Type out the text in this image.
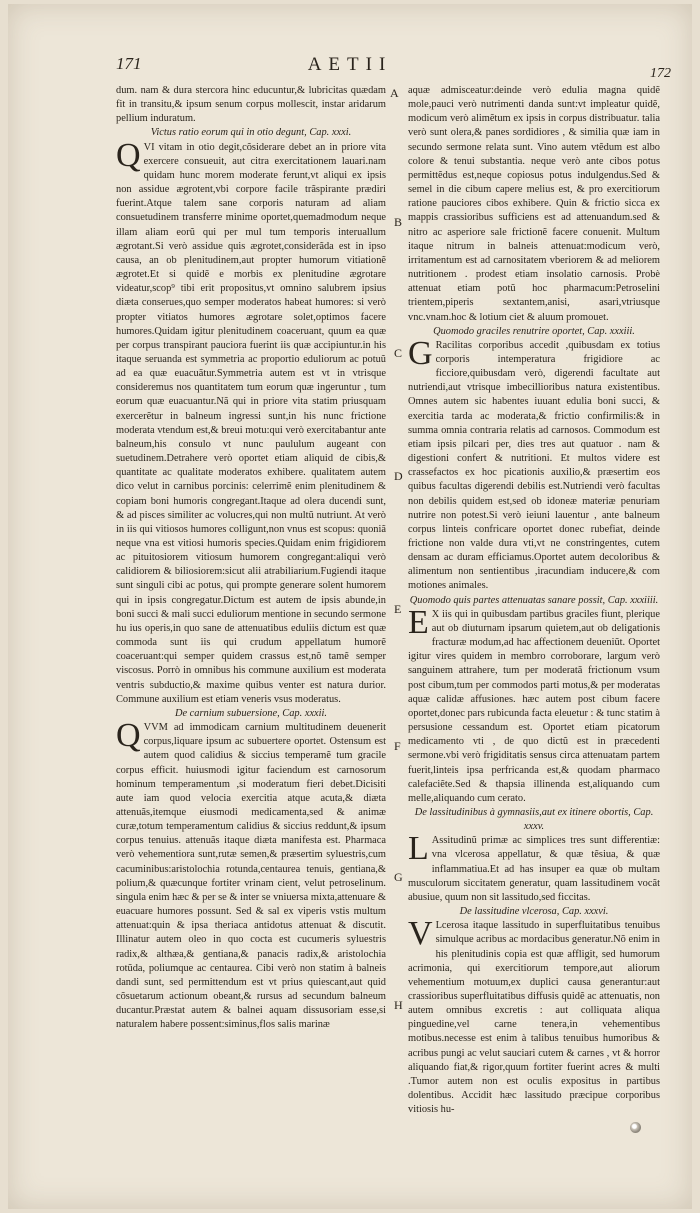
171	AETII	172

dum. nam & dura stercora hinc educuntur,& lubricitas quædam fit in transitu,& ipsum senum corpus mollescit, instar aridarum pellium induratum.

Victus ratio eorum qui in otio degunt, Cap. xxxi.

QVI vitam in otio degit,cõsiderare debet an in priore vita exercere consueuit, aut citra exercitationem lauari.nam quidam hunc morem moderate ferunt,vt aliqui ex ipsis non assidue ægrotent,vbi corpore facile trãspirante prædiri fuerint.Atque talem sane corporis naturam ad aliam consuetudinem transferre minime oportet,quemadmodum neque illam aliam eorũ qui per mul tum temporis interuallum ægrotant.Si verò assidue quis ægrotet,considerãda est in ipso causa, an ob plenitudinem,aut propter humorum vitiationẽ ægrotet.Et si quidẽ e morbis ex plenitudine ægrotare videatur,scop⁹ tibi erit propositus,vt omnino salubrem ipsius diæta conserues,quo semper moderatos habeat humores: si verò propter vitiatos humores ægrotare solet,optimos facere humores.Quidam igitur plenitudinem coaceruant, quum ea quæ per corpus transpirant pauciora fuerint iis quæ accipiuntur.in his itaque seruanda est symmetria ac proportio eduliorum ac potuũ ad ea quæ euacuãtur.Symmetria autem est vt in vtrisque consideremus nos quantitatem tum eorum quæ ingeruntur , tum eorum quæ euacuantur.Nã qui in priore vita statim priusquam exercerẽtur in balneum ingressi sunt,in his nunc frictione moderata vtendum est,& breui motu:qui verò exercitabantur ante balneum,his consulo vt nunc paululum augeant con suetudinem.Detrahere verò oportet etiam aliquid de cibis,& quantitate ac qualitate moderatos exhibere. qualitatem autem dico velut in carnibus porcinis: celerrimẽ enim plenitudinem & copiam boni humoris congregant.Itaque ad olera ducendi sunt, & ad pisces similiter ac volucres,qui non multũ nutriunt. At verò in iis qui vitiosos humores colligunt,non vnus est scopus: quoniã neque vna est vitiosi humoris species.Quidam enim frigidiorem ac pituitosiorem vitiosum humorem congregant:aliqui verò calidiorem & biliosiorem:sicut alii atrabiliarium.Fugiendi itaque sunt singuli cibi ac potus, qui prompte generare solent humorem qui in ipsis congregatur.Dictum est autem de ipsis abunde,in boni succi & mali succi eduliorum mentione in secundo sermone hu ius operis,in quo sane de attenuatibus eduliis dictum est quæ commoda sunt iis qui crudum appellatum humorẽ coaceruant:qui semper quidem crassus est,nõ tamẽ semper viscosus. Porrò in omnibus his commune auxilium est moderata ventris subductio,& maxime quibus venter est natura durior. Commune auxilium est etiam veneris vsus moderatus.

De carnium subuersione, Cap. xxxii.

QVVM ad immodicam carnium multitudinem deuenerit corpus,liquare ipsum ac subuertere oportet. Ostensum est autem quod calidius & siccius temperamẽ tum gracile corpus efficit. huiusmodi igitur faciendum est carnosorum hominum temperamentum ,si moderatum fieri debet.Dicisiti aute iam quod velocia exercitia atque acuta,& diæta attenuãs,itemque eiusmodi medicamenta,sed & animæ curæ,totum temperamentum calidius & siccius reddunt,& ipsum corpus tenuius. attenuãs itaque diæta manifesta est. Pharmaca verò vehementiora sunt,rutæ semen,& præsertim syluestris,cum cacuminibus:aristolochia rotunda,centaurea tenuis, gentiana,& polium,& quæcunque fortiter vrinam cient, velut petroselinum. singula enim hæc & per se & inter se vniuersa mixta,attenuare & euacuare humores possunt. Sed & sal ex viperis vstis multum attenuat:quin & ipsa theriaca antidotus attenuat & discutit. Illinatur autem oleo in quo cocta est cucumeris syluestris radix,& althæa,& gentiana,& panacis radix,& aristolochia rotũda, poliumque ac centaurea. Cibi verò non statim à balneis dandi sunt, sed permittendum est vt prius quiescant,aut quid cõsuetarum actionum obeant,& rursus ad secundum balneum ducantur.Præstat autem & balnei aquam dissusoriam esse,si naturalem habere possent:siminus,flos salis marinæ

aquæ admisceatur:deinde verò edulia magna quidẽ mole,pauci verò nutrimenti danda sunt:vt impleatur quidẽ, modicum verò alimẽtum ex ipsis in corpus distribuatur. talia verò sunt olera,& panes sordidiores , & similia quæ iam in secundo sermone relata sunt. Vino autem vtẽdum est albo colore & tenui substantia. neque verò ante cibos potus permittẽdus est,neque copiosus potus indulgendus.Sed & semel in die cibum capere melius est, & pro exercitiorum ratione pauciores cibos exhibere. Quin & frictio sicca ex mappis crassioribus sufficiens est ad attenuandum.sed & nitro ac asperiore sale frictionẽ facere conuenit. Multum itaque nitrum in balneis attenuat:modicum verò, irritamentum est ad carnositatem vberiorem & ad meliorem nutritionem . prodest etiam insolatio carnosis. Probè attenuat etiam potũ hoc pharmacum:Petroselini trientem,piperis sextantem,anisi, asari,vtriusque vnc.vnam.hoc & lotium ciet & aluum promouet.

Quomodo graciles renutrire oportet, Cap. xxxiii.

G Racilitas corporibus accedit ,quibusdam ex totius corporis intemperatura frigidiore ac ficciore,quibusdam verò, digerendi facultate aut nutriendi,aut vtrisque imbecillioribus natura existentibus. Omnes autem sic habentes iuuant edulia boni succi, & exercitia tarda ac moderata,& frictio confirmilis:& in summa omnia contraria relatis ad carnosos. Commodum est etiam ipsis pilcari per, dies tres aut quatuor . nam & digestioni confert & nutritioni. Et multos videre est crassefactos ex hoc picationis auxilio,& præsertim eos quibus facultas digerendi debilis est.Nutriendi verò facultas non debilis quidem est,sed ob idoneæ materiæ penuriam nutrire non potest.Si verò ieiuni lauentur , ante balneum corpus linteis confricare oportet donec rubefiat, deinde frictione non valde dura vti,vt ne constringentes, cutem densam ac duram efficiamus.Oportet autem decoloribus & alimentum non sentientibus ,iracundiam inducere,& com motiones animales.

Quomodo quis partes attenuatas sanare possit, Cap. xxxiiii.

E X iis qui in quibusdam partibus graciles fiunt, plerique aut ob diuturnam ipsarum quietem,aut ob deligationis fracturæ modum,ad hac affectionem deueniũt. Oportet igitur vires quidem in membro corroborare, largum verò sanguinem attrahere, tum per moderatã frictionum vsum post cibum,tum per commodos parti motus,& per moderatas aquæ calidæ affusiones. hæc autem post cibum facere oportet,donec pars rubicunda facta eleuetur : & tunc statim à persusione cessandum est. Oportet etiam picatorum medicamento vti , de quo dictũ est in præcedenti sermone.vbi verò frigiditatis sensus circa attenuatam partem fuerit,linteis ipsa perfricanda est,& quodam pharmaco calefaciẽte.Sed & thapsia illinenda est,aliquando cum melle,aliquando cum cerato.

De lassitudinibus à gymnasiis,aut ex itinere obortis, Cap. xxxv.

L Assitudinũ primæ ac simplices tres sunt differentiæ: vna vlcerosa appellatur, & quæ tẽsiua, & quæ inflammatiua.Et ad has insuper ea quæ ob multam musculorum siccitatem generatur, quam lassitudinem vocãt abusiue, quum non sit lassitudo,sed ficcitas.

De lassitudine vlcerosa, Cap. xxxvi.

V Lcerosa itaque lassitudo in superfluitatibus tenuibus simulque acribus ac mordacibus generatur.Nõ enim in his plenitudinis copia est quæ affligit, sed humorum acrimonia, qui exercitiorum tempore,aut aliorum vehementium motuum,ex duplici causa generantur:aut crassioribus superfluitatibus diffusis quidẽ ac attenuatis, non autem omnibus excretis : aut colliquata aliqua pinguedine,vel carne tenera,in vehementibus motibus.necesse est enim à talibus tenuibus humoribus & acribus pungi ac velut sauciari cutem & carnes , vt & horror aliquando fiat,& rigor,quum fortiter fuerint acres & multi .Tumor autem non est oculis expositus in partibus dolentibus. Accidit hæc lassitudo præcipue corporibus vitiosis hu-

A
B
C
D
E
F
G
H
